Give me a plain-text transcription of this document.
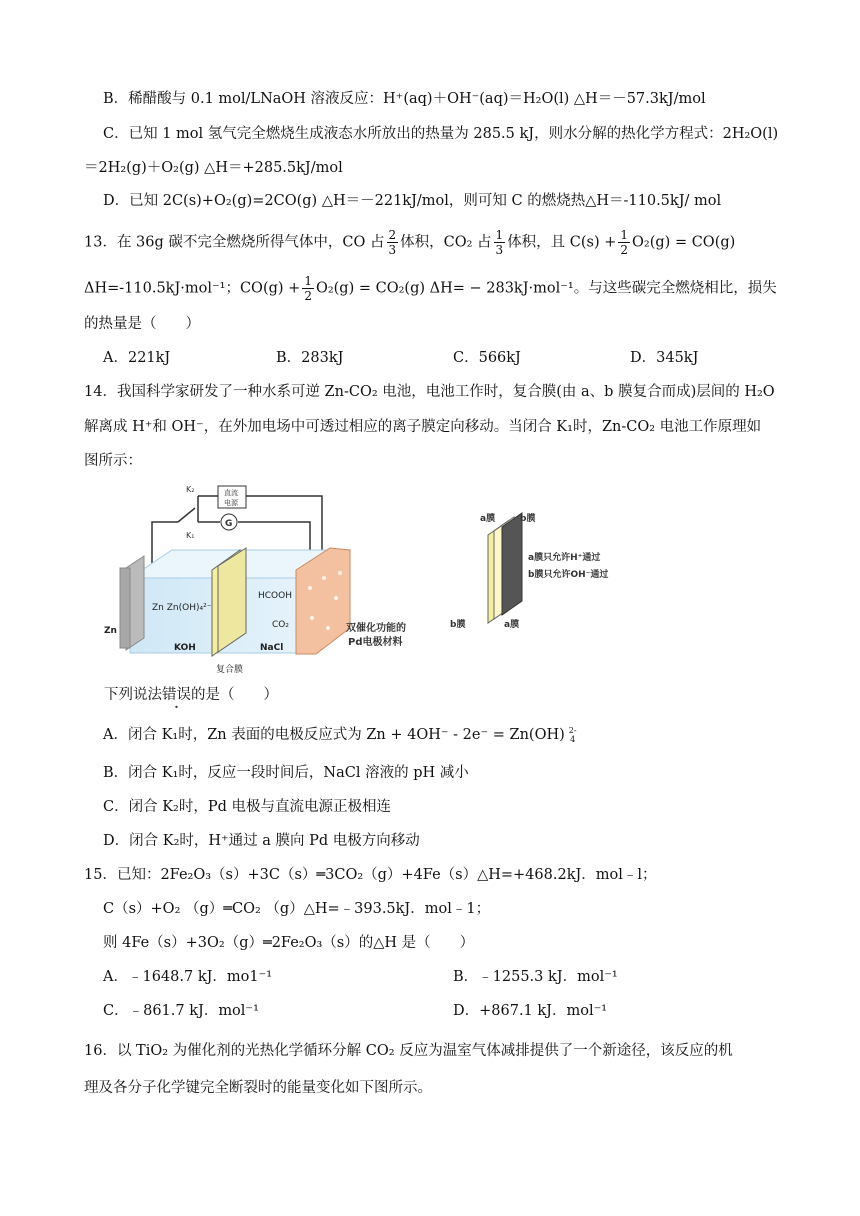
B．稀醋酸与 0.1 mol/LNaOH 溶液反应：H⁺(aq)＋OH⁻(aq)＝H₂O(l) △H＝－57.3kJ/mol
C．已知 1 mol 氢气完全燃烧生成液态水所放出的热量为 285.5 kJ，则水分解的热化学方程式：2H₂O(l)
＝2H₂(g)＋O₂(g) △H＝+285.5kJ/mol
D．已知 2C(s)+O₂(g)=2CO(g) △H＝－221kJ/mol，则可知 C 的燃烧热△H＝-110.5kJ/ mol
13．在 36g 碳不完全燃烧所得气体中，CO 占 $\frac{2}{3}$ 体积，CO₂ 占 $\frac{1}{3}$ 体积，且 $C(s) + \frac{1}{2} O_2(g) = CO(g)$
ΔH=-110.5kJ·mol⁻¹；$CO(g) + \frac{1}{2} O_2(g) = CO_2(g) \Delta H= - 283kJ\cdot mol^{-1}$。与这些碳完全燃烧相比，损失
的热量是（　　）
A．221kJ	B．283kJ	C．566kJ	D．345kJ
14．我国科学家研发了一种水系可逆 Zn-CO₂ 电池，电池工作时，复合膜(由 a、b 膜复合而成)层间的 H₂O
解离成 H⁺和 OH⁻，在外加电场中可透过相应的离子膜定向移动。当闭合 K₁时，Zn-CO₂ 电池工作原理如
图所示：
K₂
K₁
直流
电源
G
Zn Zn(OH)₄²⁻
Zn
KOH
HCOOH
CO₂
NaCl
复合膜
双催化功能的
Pd电极材料
a膜	b膜
a膜只允许H⁺通过
b膜只允许OH⁻通过
b膜	a膜
下列说法错误的是（　　）
A．闭合 K₁时，Zn 表面的电极反应式为 Zn + 4OH⁻ - 2e⁻ = Zn(OH) 2-
4
B．闭合 K₁时，反应一段时间后，NaCl 溶液的 pH 减小
C．闭合 K₂时，Pd 电极与直流电源正极相连
D．闭合 K₂时，H⁺通过 a 膜向 Pd 电极方向移动
15．已知：2Fe₂O₃（s）+3C（s）═3CO₂（g）+4Fe（s）△H=+468.2kJ．mol﹣l；
C（s）+O₂ （g）═CO₂ （g）△H=﹣393.5kJ．mol﹣1；
则 4Fe（s）+3O₂（g）═2Fe₂O₃（s）的△H 是（　　）
A．﹣1648.7 kJ．mo1⁻¹	B．﹣1255.3 kJ．mol⁻¹
C．﹣861.7 kJ．mol⁻¹	D．+867.1 kJ．mol⁻¹
16．以 TiO₂ 为催化剂的光热化学循环分解 CO₂ 反应为温室气体减排提供了一个新途径，该反应的机
理及各分子化学键完全断裂时的能量变化如下图所示。
